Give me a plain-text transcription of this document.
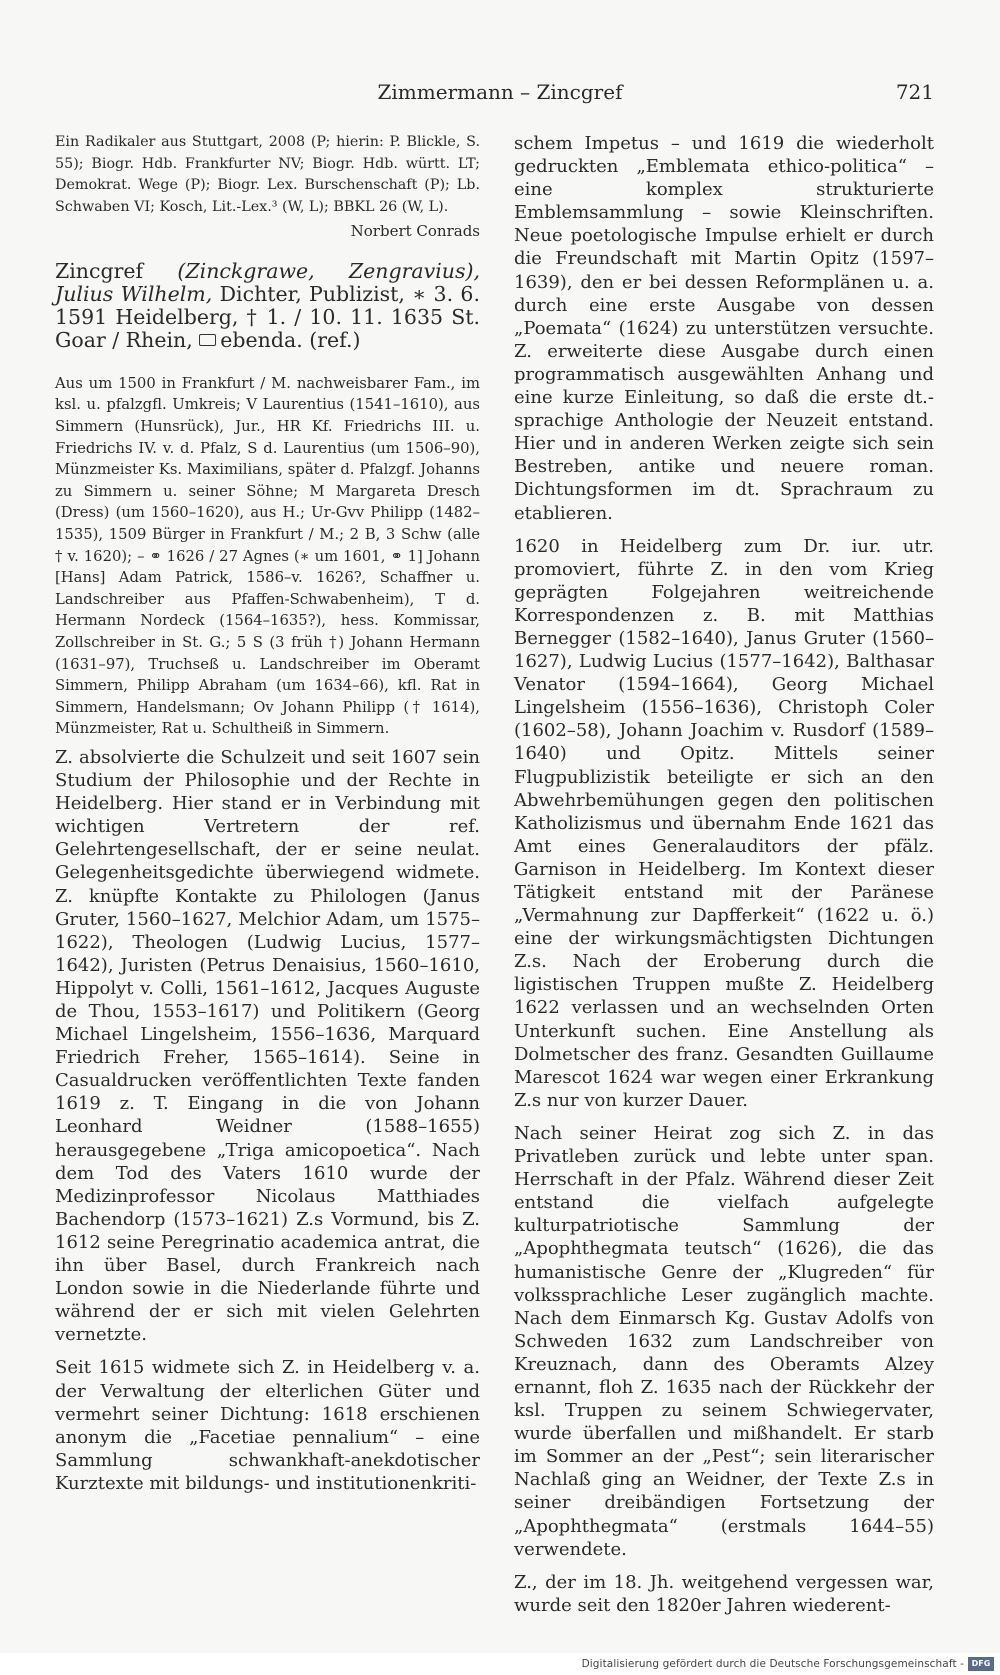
Zimmermann – Zincgref	721

Ein Radikaler aus Stuttgart, 2008 (P; hierin: P. Blickle, S. 55); Biogr. Hdb. Frankfurter NV; Biogr. Hdb. württ. LT; Demokrat. Wege (P); Biogr. Lex. Burschenschaft (P); Lb. Schwaben VI; Kosch, Lit.-Lex.³ (W, L); BBKL 26 (W, L).

Norbert Conrads

Zincgref (Zinckgrawe, Zengravius), Julius Wilhelm, Dichter, Publizist, ∗ 3. 6. 1591 Heidelberg, † 1. / 10. 11. 1635 St. Goar / Rhein, ebenda. (ref.)

Aus um 1500 in Frankfurt / M. nachweisbarer Fam., im ksl. u. pfalzgfl. Umkreis; V Laurentius (1541–1610), aus Simmern (Hunsrück), Jur., HR Kf. Friedrichs III. u. Friedrichs IV. v. d. Pfalz, S d. Laurentius (um 1506–90), Münzmeister Ks. Maximilians, später d. Pfalzgf. Johanns zu Simmern u. seiner Söhne; M Margareta Dresch (Dress) (um 1560–1620), aus H.; Ur-Gvv Philipp (1482–1535), 1509 Bürger in Frankfurt / M.; 2 B, 3 Schw (alle † v. 1620); – ⚭ 1626 / 27 Agnes (∗ um 1601, ⚭ 1] Johann [Hans] Adam Patrick, 1586–v. 1626?, Schaffner u. Landschreiber aus Pfaffen-Schwabenheim), T d. Hermann Nordeck (1564–1635?), hess. Kommissar, Zollschreiber in St. G.; 5 S (3 früh †) Johann Hermann (1631–97), Truchseß u. Landschreiber im Oberamt Simmern, Philipp Abraham (um 1634–66), kfl. Rat in Simmern, Handelsmann; Ov Johann Philipp († 1614), Münzmeister, Rat u. Schultheiß in Simmern.

Z. absolvierte die Schulzeit und seit 1607 sein Studium der Philosophie und der Rechte in Heidelberg. Hier stand er in Verbindung mit wichtigen Vertretern der ref. Gelehrtengesellschaft, der er seine neulat. Gelegenheitsgedichte überwiegend widmete. Z. knüpfte Kontakte zu Philologen (Janus Gruter, 1560–1627, Melchior Adam, um 1575–1622), Theologen (Ludwig Lucius, 1577–1642), Juristen (Petrus Denaisius, 1560–1610, Hippolyt v. Colli, 1561–1612, Jacques Auguste de Thou, 1553–1617) und Politikern (Georg Michael Lingelsheim, 1556–1636, Marquard Friedrich Freher, 1565–1614). Seine in Casualdrucken veröffentlichten Texte fanden 1619 z. T. Eingang in die von Johann Leonhard Weidner (1588–1655) herausgegebene „Triga amicopoetica“. Nach dem Tod des Vaters 1610 wurde der Medizinprofessor Nicolaus Matthiades Bachendorp (1573–1621) Z.s Vormund, bis Z. 1612 seine Peregrinatio academica antrat, die ihn über Basel, durch Frankreich nach London sowie in die Niederlande führte und während der er sich mit vielen Gelehrten vernetzte.

Seit 1615 widmete sich Z. in Heidelberg v. a. der Verwaltung der elterlichen Güter und vermehrt seiner Dichtung: 1618 erschienen anonym die „Facetiae pennalium“ – eine Sammlung schwankhaft-anekdotischer Kurztexte mit bildungs- und institutionenkriti-

schem Impetus – und 1619 die wiederholt gedruckten „Emblemata ethico-politica“ – eine komplex strukturierte Emblemsammlung – sowie Kleinschriften. Neue poetologische Impulse erhielt er durch die Freundschaft mit Martin Opitz (1597–1639), den er bei dessen Reformplänen u. a. durch eine erste Ausgabe von dessen „Poemata“ (1624) zu unterstützen versuchte. Z. erweiterte diese Ausgabe durch einen programmatisch ausgewählten Anhang und eine kurze Einleitung, so daß die erste dt.-sprachige Anthologie der Neuzeit entstand. Hier und in anderen Werken zeigte sich sein Bestreben, antike und neuere roman. Dichtungsformen im dt. Sprachraum zu etablieren.

1620 in Heidelberg zum Dr. iur. utr. promoviert, führte Z. in den vom Krieg geprägten Folgejahren weitreichende Korrespondenzen z. B. mit Matthias Bernegger (1582–1640), Janus Gruter (1560–1627), Ludwig Lucius (1577–1642), Balthasar Venator (1594–1664), Georg Michael Lingelsheim (1556–1636), Christoph Coler (1602–58), Johann Joachim v. Rusdorf (1589–1640) und Opitz. Mittels seiner Flugpublizistik beteiligte er sich an den Abwehrbemühungen gegen den politischen Katholizismus und übernahm Ende 1621 das Amt eines Generalauditors der pfälz. Garnison in Heidelberg. Im Kontext dieser Tätigkeit entstand mit der Paränese „Vermahnung zur Dapfferkeit“ (1622 u. ö.) eine der wirkungsmächtigsten Dichtungen Z.s. Nach der Eroberung durch die ligistischen Truppen mußte Z. Heidelberg 1622 verlassen und an wechselnden Orten Unterkunft suchen. Eine Anstellung als Dolmetscher des franz. Gesandten Guillaume Marescot 1624 war wegen einer Erkrankung Z.s nur von kurzer Dauer.

Nach seiner Heirat zog sich Z. in das Privatleben zurück und lebte unter span. Herrschaft in der Pfalz. Während dieser Zeit entstand die vielfach aufgelegte kulturpatriotische Sammlung der „Apophthegmata teutsch“ (1626), die das humanistische Genre der „Klugreden“ für volkssprachliche Leser zugänglich machte. Nach dem Einmarsch Kg. Gustav Adolfs von Schweden 1632 zum Landschreiber von Kreuznach, dann des Oberamts Alzey ernannt, floh Z. 1635 nach der Rückkehr der ksl. Truppen zu seinem Schwiegervater, wurde überfallen und mißhandelt. Er starb im Sommer an der „Pest“; sein literarischer Nachlaß ging an Weidner, der Texte Z.s in seiner dreibändigen Fortsetzung der „Apophthegmata“ (erstmals 1644–55) verwendete.

Z., der im 18. Jh. weitgehend vergessen war, wurde seit den 1820er Jahren wiederent-

Digitalisierung gefördert durch die Deutsche Forschungsgemeinschaft - DFG
